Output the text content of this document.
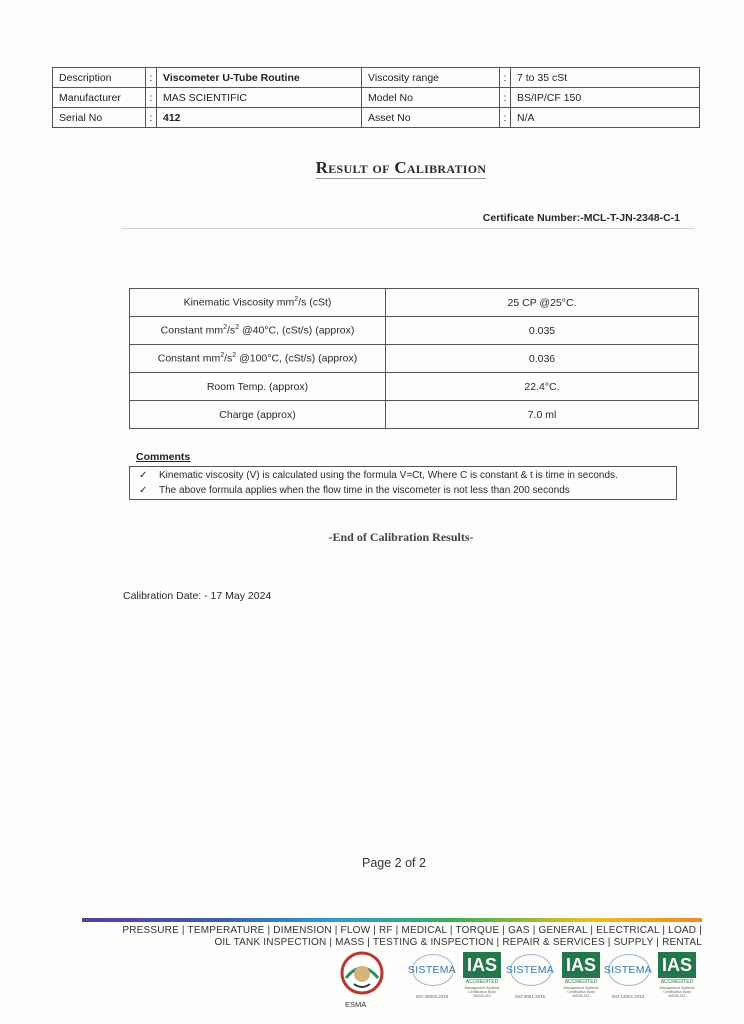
Description	:	Viscometer U-Tube Routine	Viscosity range	:	7 to 35 cSt
Manufacturer	:	MAS SCIENTIFIC	Model No	:	BS/IP/CF 150
Serial No	:	412	Asset No	:	N/A
Result of Calibration
Certificate Number:-MCL-T-JN-2348-C-1
Kinematic Viscosity $mm^2/s$ (cSt)	25 CP @25°C.
Constant $mm^2/s^2$ @40°C, (cSt/s) (approx)	0.035
Constant $mm^2/s^2$ @100°C, (cSt/s) (approx)	0.036
Room Temp. (approx)	22.4°C.
Charge (approx)	7.0 ml
Comments
✓ Kinematic viscosity (V) is calculated using the formula V=Ct, Where C is constant & t is time in seconds.
✓ The above formula applies when the flow time in the viscometer is not less than 200 seconds
-End of Calibration Results-
Calibration Date: - 17 May 2024
Page 2 of 2
PRESSURE | TEMPERATURE | DIMENSION | FLOW | RF | MEDICAL | TORQUE | GAS | GENERAL | ELECTRICAL | LOAD |
OIL TANK INSPECTION | MASS | TESTING & INSPECTION | REPAIR & SERVICES | SUPPLY | RENTAL
ESMA
SISTEMA
ISO 45001:2018
IAS
ACCREDITED
Management Systems Certification Body MSCB-215
SISTEMA
ISO 9001:2015
IAS
ACCREDITED
Management Systems Certification Body MSCB-215
SISTEMA
ISO 14001:2015
IAS
ACCREDITED
Management Systems Certification Body MSCB-215
